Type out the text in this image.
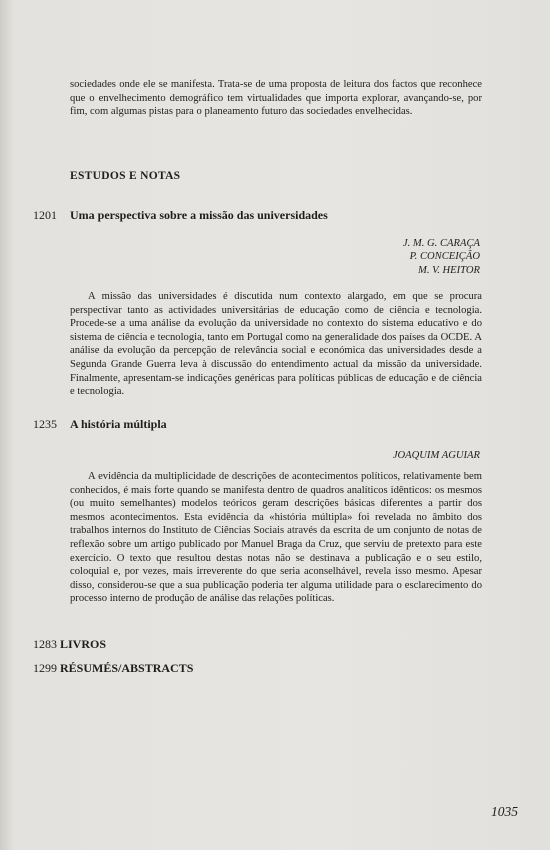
sociedades onde ele se manifesta. Trata-se de uma proposta de leitura dos factos que reconhece que o envelhecimento demográfico tem virtualidades que importa explorar, avançando-se, por fim, com algumas pistas para o planeamento futuro das sociedades envelhecidas.

ESTUDOS E NOTAS
1201 Uma perspectiva sobre a missão das universidades
J. M. G. CARAÇA
P. CONCEIÇÃO
M. V. HEITOR

A missão das universidades é discutida num contexto alargado, em que se procura perspectivar tanto as actividades universitárias de educação como de ciência e tecnologia. Procede-se a uma análise da evolução da universidade no contexto do sistema educativo e do sistema de ciência e tecnologia, tanto em Portugal como na generalidade dos países da OCDE. A análise da evolução da percepção de relevância social e económica das universidades desde a Segunda Grande Guerra leva à discussão do entendimento actual da missão da universidade. Finalmente, apresentam-se indicações genéricas para políticas públicas de educação e de ciência e tecnologia.

1235 A história múltipla
JOAQUIM AGUIAR

A evidência da multiplicidade de descrições de acontecimentos políticos, relativamente bem conhecidos, é mais forte quando se manifesta dentro de quadros analíticos idênticos: os mesmos (ou muito semelhantes) modelos teóricos geram descrições básicas diferentes a partir dos mesmos acontecimentos. Esta evidência da «história múltipla» foi revelada no âmbito dos trabalhos internos do Instituto de Ciências Sociais através da escrita de um conjunto de notas de reflexão sobre um artigo publicado por Manuel Braga da Cruz, que serviu de pretexto para este exercício. O texto que resultou destas notas não se destinava a publicação e o seu estilo, coloquial e, por vezes, mais irreverente do que seria aconselhável, revela isso mesmo. Apesar disso, considerou-se que a sua publicação poderia ter alguma utilidade para o esclarecimento do processo interno de produção de análise das relações políticas.

1283 LIVROS
1299 RÉSUMÉS/ABSTRACTS
1035
